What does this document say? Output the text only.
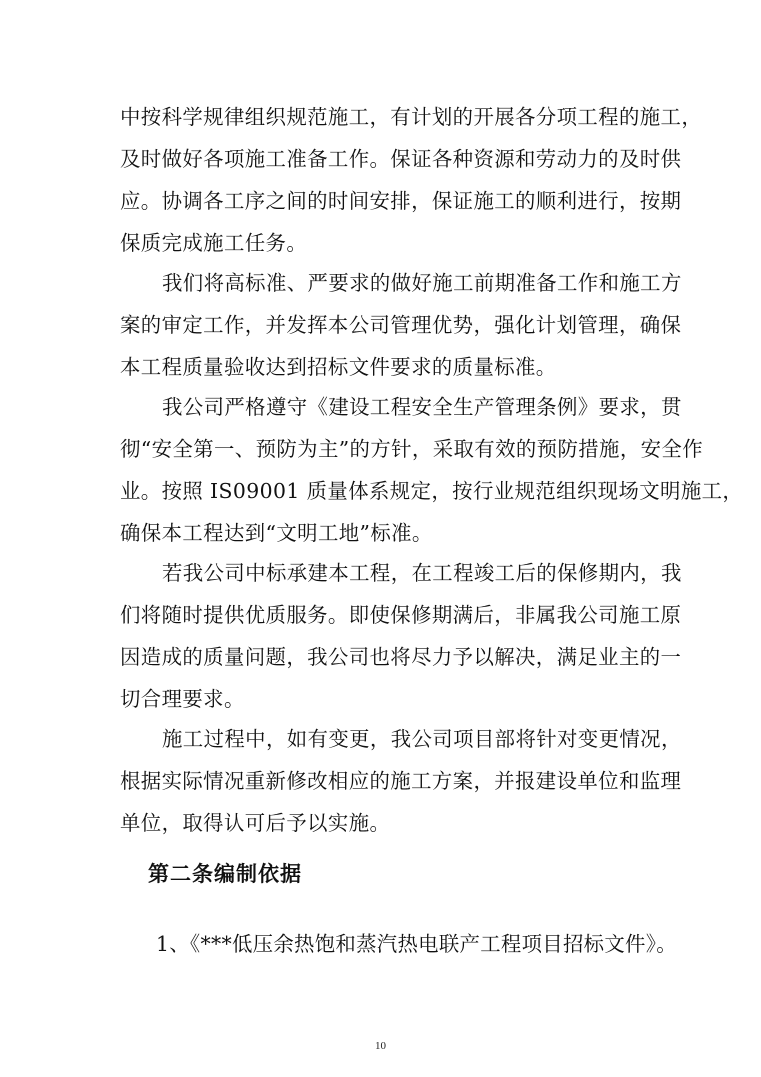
中按科学规律组织规范施工，有计划的开展各分项工程的施工，
及时做好各项施工准备工作。保证各种资源和劳动力的及时供
应。协调各工序之间的时间安排，保证施工的顺利进行，按期
保质完成施工任务。
我们将高标准、严要求的做好施工前期准备工作和施工方
案的审定工作，并发挥本公司管理优势，强化计划管理，确保
本工程质量验收达到招标文件要求的质量标准。
我公司严格遵守《建设工程安全生产管理条例》要求，贯
彻“安全第一、预防为主”的方针，采取有效的预防措施，安全作
业。按照 IS09001 质量体系规定，按行业规范组织现场文明施工，
确保本工程达到“文明工地”标准。
若我公司中标承建本工程，在工程竣工后的保修期内，我
们将随时提供优质服务。即使保修期满后，非属我公司施工原
因造成的质量问题，我公司也将尽力予以解决，满足业主的一
切合理要求。
施工过程中，如有变更，我公司项目部将针对变更情况，
根据实际情况重新修改相应的施工方案，并报建设单位和监理
单位，取得认可后予以实施。
第二条编制依据

1、《***低压余热饱和蒸汽热电联产工程项目招标文件》。

10
